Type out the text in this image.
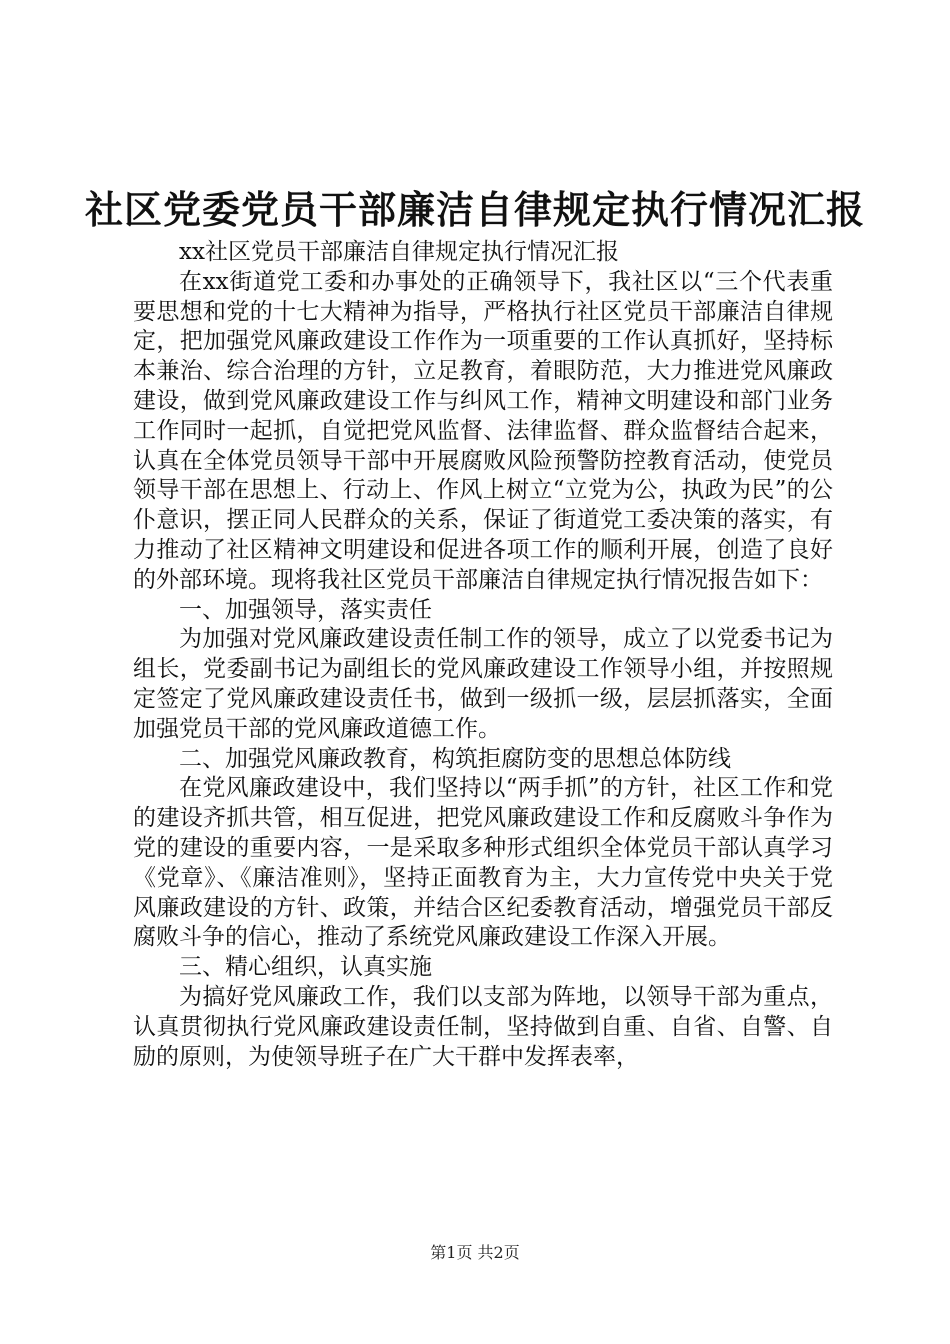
社区党委党员干部廉洁自律规定执行情况汇报

xx社区党员干部廉洁自律规定执行情况汇报

在xx街道党工委和办事处的正确领导下，我社区以“三个代表重要思想和党的十七大精神为指导，严格执行社区党员干部廉洁自律规定，把加强党风廉政建设工作作为一项重要的工作认真抓好，坚持标本兼治、综合治理的方针，立足教育，着眼防范，大力推进党风廉政建设，做到党风廉政建设工作与纠风工作，精神文明建设和部门业务工作同时一起抓，自觉把党风监督、法律监督、群众监督结合起来，认真在全体党员领导干部中开展腐败风险预警防控教育活动，使党员领导干部在思想上、行动上、作风上树立“立党为公，执政为民”的公仆意识，摆正同人民群众的关系，保证了街道党工委决策的落实，有力推动了社区精神文明建设和促进各项工作的顺利开展，创造了良好的外部环境。现将我社区党员干部廉洁自律规定执行情况报告如下：

一、加强领导，落实责任

为加强对党风廉政建设责任制工作的领导，成立了以党委书记为组长，党委副书记为副组长的党风廉政建设工作领导小组，并按照规定签定了党风廉政建设责任书，做到一级抓一级，层层抓落实，全面加强党员干部的党风廉政道德工作。

二、加强党风廉政教育，构筑拒腐防变的思想总体防线

在党风廉政建设中，我们坚持以“两手抓”的方针，社区工作和党的建设齐抓共管，相互促进，把党风廉政建设工作和反腐败斗争作为党的建设的重要内容，一是采取多种形式组织全体党员干部认真学习《党章》、《廉洁准则》，坚持正面教育为主，大力宣传党中央关于党风廉政建设的方针、政策，并结合区纪委教育活动，增强党员干部反腐败斗争的信心，推动了系统党风廉政建设工作深入开展。

三、精心组织，认真实施

为搞好党风廉政工作，我们以支部为阵地，以领导干部为重点，认真贯彻执行党风廉政建设责任制，坚持做到自重、自省、自警、自励的原则，为使领导班子在广大干群中发挥表率，

第1页 共2页
